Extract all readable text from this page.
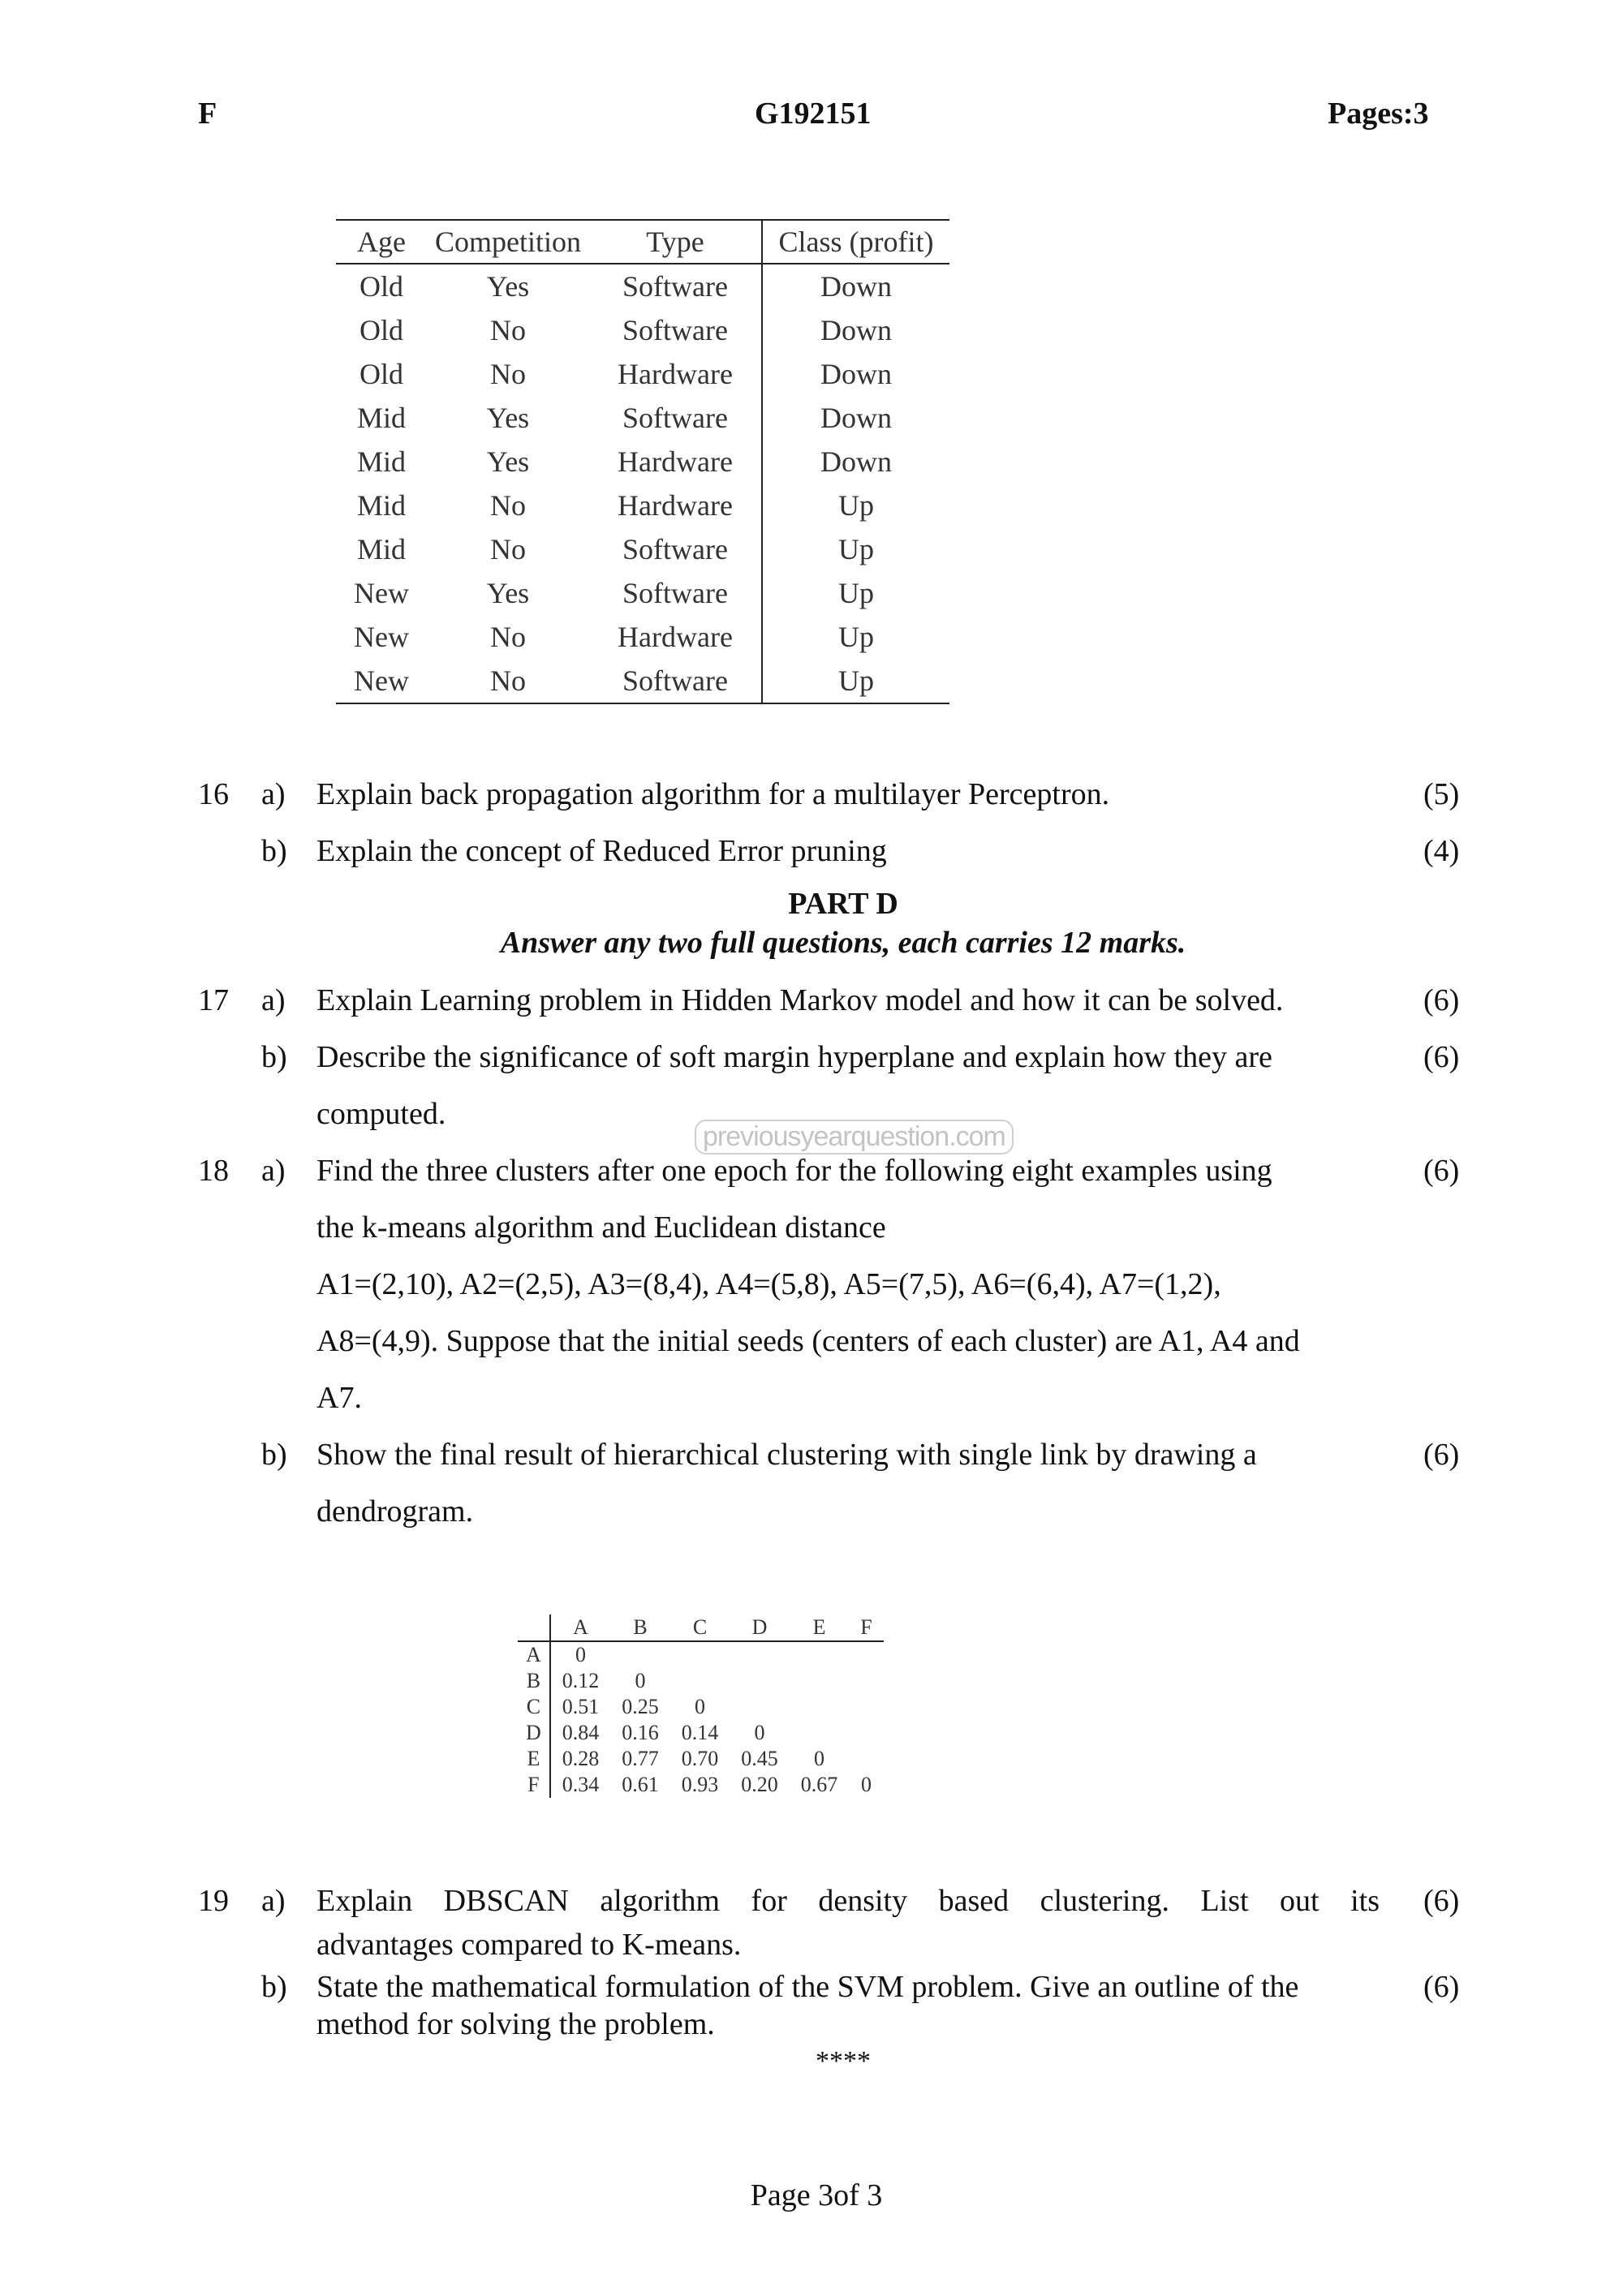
F	G192151	Pages:3
Age	Competition	Type	Class (profit)
Old	Yes	Software	Down
Old	No	Software	Down
Old	No	Hardware	Down
Mid	Yes	Software	Down
Mid	Yes	Hardware	Down
Mid	No	Hardware	Up
Mid	No	Software	Up
New	Yes	Software	Up
New	No	Hardware	Up
New	No	Software	Up
16 a) Explain back propagation algorithm for a multilayer Perceptron.	(5)
b) Explain the concept of Reduced Error pruning	(4)
PART D
Answer any two full questions, each carries 12 marks.
17 a) Explain Learning problem in Hidden Markov model and how it can be solved.	(6)
b) Describe the significance of soft margin hyperplane and explain how they are
computed.
(6)
previousyearquestion.com
18 a) Find the three clusters after one epoch for the following eight examples using
the k-means algorithm and Euclidean distance
A1=(2,10), A2=(2,5), A3=(8,4), A4=(5,8), A5=(7,5), A6=(6,4), A7=(1,2),
A8=(4,9). Suppose that the initial seeds (centers of each cluster) are A1, A4 and
A7.
(6)
b) Show the final result of hierarchical clustering with single link by drawing a
dendrogram.
(6)
	A	B	C	D	E	F
A	0					
B	0.12	0				
C	0.51	0.25	0			
D	0.84	0.16	0.14	0		
E	0.28	0.77	0.70	0.45	0	
F	0.34	0.61	0.93	0.20	0.67	0
19 a) Explain DBSCAN algorithm for density based clustering. List out its
advantages compared to K-means.
(6)
b) State the mathematical formulation of the SVM problem. Give an outline of the
method for solving the problem.
(6)
****
Page 3of 3
